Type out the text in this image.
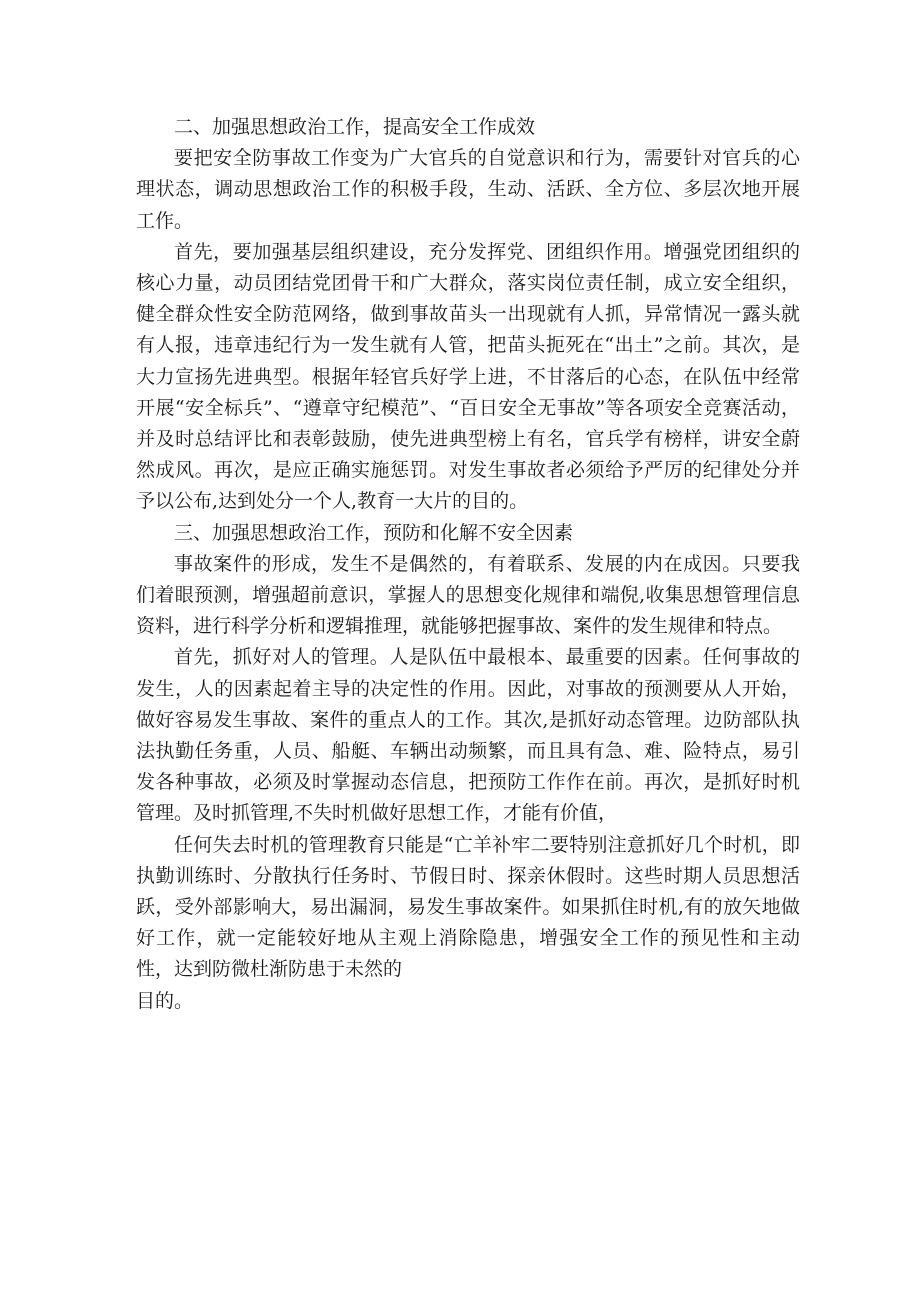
二、加强思想政治工作，提高安全工作成效

要把安全防事故工作变为广大官兵的自觉意识和行为，需要针对官兵的心理状态，调动思想政治工作的积极手段，生动、活跃、全方位、多层次地开展工作。

首先，要加强基层组织建设，充分发挥党、团组织作用。增强党团组织的核心力量，动员团结党团骨干和广大群众，落实岗位责任制，成立安全组织，健全群众性安全防范网络，做到事故苗头一出现就有人抓，异常情况一露头就有人报，违章违纪行为一发生就有人管，把苗头扼死在“出土”之前。其次，是大力宣扬先进典型。根据年轻官兵好学上进，不甘落后的心态，在队伍中经常开展“安全标兵”、“遵章守纪模范”、“百日安全无事故”等各项安全竞赛活动，并及时总结评比和表彰鼓励，使先进典型榜上有名，官兵学有榜样，讲安全蔚然成风。再次，是应正确实施惩罚。对发生事故者必须给予严厉的纪律处分并予以公布,达到处分一个人,教育一大片的目的。

三、加强思想政治工作，预防和化解不安全因素

事故案件的形成，发生不是偶然的，有着联系、发展的内在成因。只要我们着眼预测，增强超前意识，掌握人的思想变化规律和端倪,收集思想管理信息资料，进行科学分析和逻辑推理，就能够把握事故、案件的发生规律和特点。

首先，抓好对人的管理。人是队伍中最根本、最重要的因素。任何事故的发生，人的因素起着主导的决定性的作用。因此，对事故的预测要从人开始，做好容易发生事故、案件的重点人的工作。其次,是抓好动态管理。边防部队执法执勤任务重，人员、船艇、车辆出动频繁，而且具有急、难、险特点，易引发各种事故，必须及时掌握动态信息，把预防工作作在前。再次，是抓好时机管理。及时抓管理,不失时机做好思想工作，才能有价值，

任何失去时机的管理教育只能是“亡羊补牢二要特别注意抓好几个时机，即执勤训练时、分散执行任务时、节假日时、探亲休假时。这些时期人员思想活跃，受外部影响大，易出漏洞，易发生事故案件。如果抓住时机,有的放矢地做好工作，就一定能较好地从主观上消除隐患，增强安全工作的预见性和主动性，达到防微杜渐防患于未然的

目的。
